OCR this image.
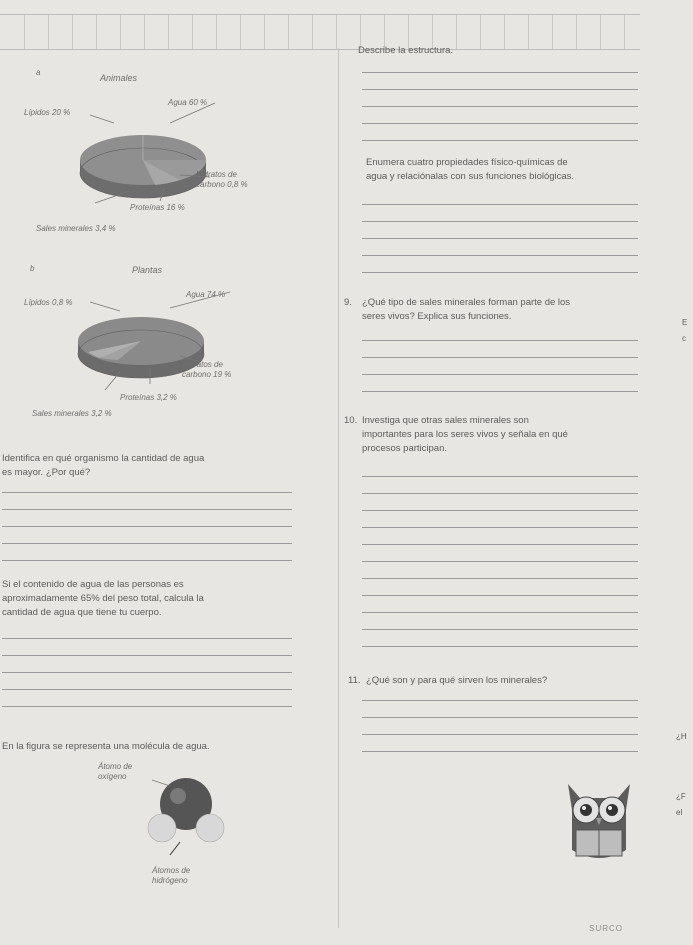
a
Animales
Agua 60 %
Lípidos 20 %
Hidratos de carbono 0,8 %
Proteínas 16 %
Sales minerales 3,4 %
b	Plantas
Agua 74 %
Lípidos 0,8 %
Hidratos de carbono 19 %
Proteínas 3,2 %
Sales minerales 3,2 %
Identifica en qué organismo la cantidad de agua
es mayor. ¿Por qué?
Si el contenido de agua de las personas es
aproximadamente 65% del peso total, calcula la
cantidad de agua que tiene tu cuerpo.
En la figura se representa una molécula de agua.
Átomo de
oxígeno
Átomos de
hidrógeno
Describe la estructura.
Enumera cuatro propiedades físico-químicas de
agua y relaciónalas con sus funciones biológicas.
9. ¿Qué tipo de sales minerales forman parte de los
seres vivos? Explica sus funciones.
10. Investiga que otras sales minerales son
importantes para los seres vivos y señala en qué
procesos participan.
11. ¿Qué son y para qué sirven los minerales?
E
c
¿H
¿F
el
SURCO
